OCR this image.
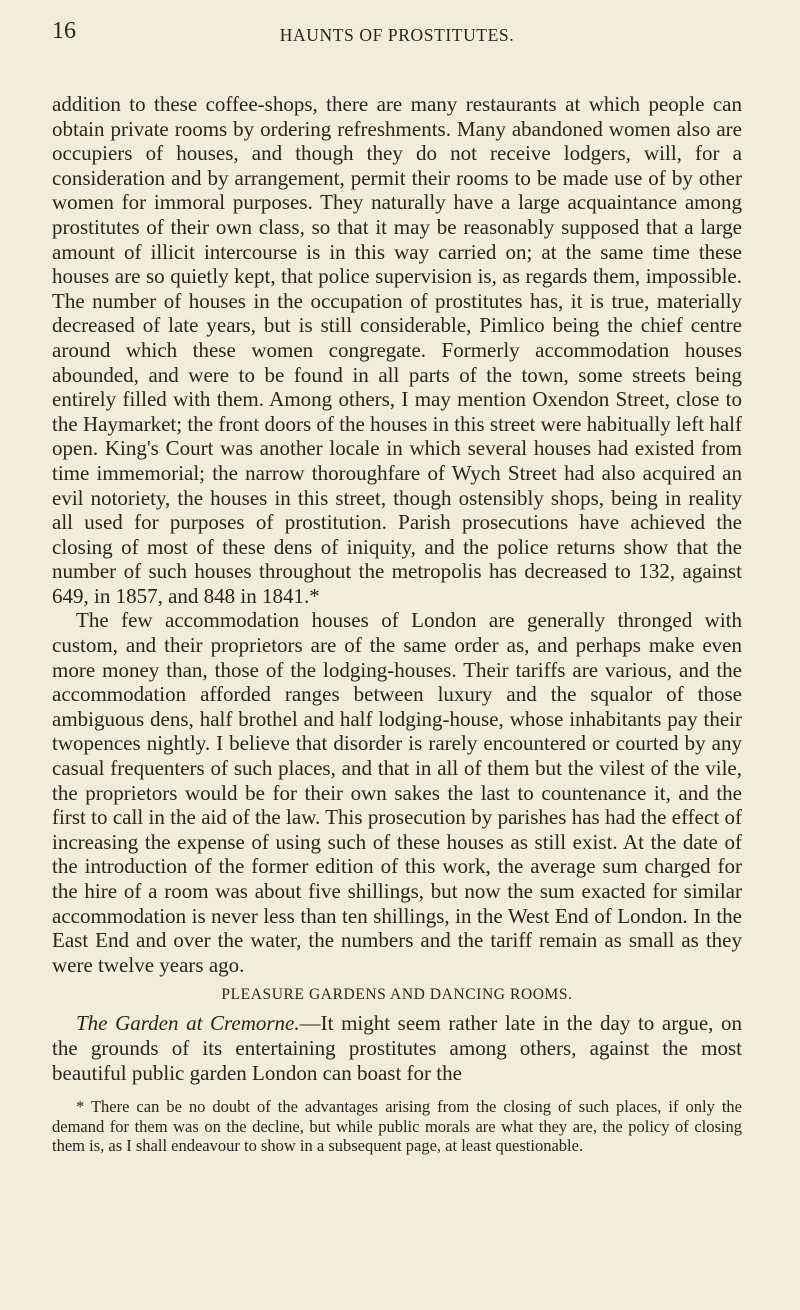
16	HAUNTS OF PROSTITUTES.

addition to these coffee-shops, there are many restaurants at which people can obtain private rooms by ordering refreshments. Many abandoned women also are occupiers of houses, and though they do not receive lodgers, will, for a consideration and by arrangement, permit their rooms to be made use of by other women for immoral purposes. They naturally have a large acquaintance among prostitutes of their own class, so that it may be reasonably supposed that a large amount of illicit intercourse is in this way carried on; at the same time these houses are so quietly kept, that police supervision is, as regards them, impossible. The number of houses in the occupation of prostitutes has, it is true, materially decreased of late years, but is still considerable, Pimlico being the chief centre around which these women congregate. Formerly accommodation houses abounded, and were to be found in all parts of the town, some streets being entirely filled with them. Among others, I may mention Oxendon Street, close to the Haymarket; the front doors of the houses in this street were habitually left half open. King's Court was another locale in which several houses had existed from time immemorial; the narrow thoroughfare of Wych Street had also acquired an evil notoriety, the houses in this street, though ostensibly shops, being in reality all used for purposes of prostitution. Parish prosecutions have achieved the closing of most of these dens of iniquity, and the police returns show that the number of such houses throughout the metropolis has decreased to 132, against 649, in 1857, and 848 in 1841.*

The few accommodation houses of London are generally thronged with custom, and their proprietors are of the same order as, and perhaps make even more money than, those of the lodging-houses. Their tariffs are various, and the accommodation afforded ranges between luxury and the squalor of those ambiguous dens, half brothel and half lodging-house, whose inhabitants pay their twopences nightly. I believe that disorder is rarely encountered or courted by any casual frequenters of such places, and that in all of them but the vilest of the vile, the proprietors would be for their own sakes the last to countenance it, and the first to call in the aid of the law. This prosecution by parishes has had the effect of increasing the expense of using such of these houses as still exist. At the date of the introduction of the former edition of this work, the average sum charged for the hire of a room was about five shillings, but now the sum exacted for similar accommodation is never less than ten shillings, in the West End of London. In the East End and over the water, the numbers and the tariff remain as small as they were twelve years ago.

PLEASURE GARDENS AND DANCING ROOMS.

The Garden at Cremorne.—It might seem rather late in the day to argue, on the grounds of its entertaining prostitutes among others, against the most beautiful public garden London can boast for the

* There can be no doubt of the advantages arising from the closing of such places, if only the demand for them was on the decline, but while public morals are what they are, the policy of closing them is, as I shall endeavour to show in a subsequent page, at least questionable.
